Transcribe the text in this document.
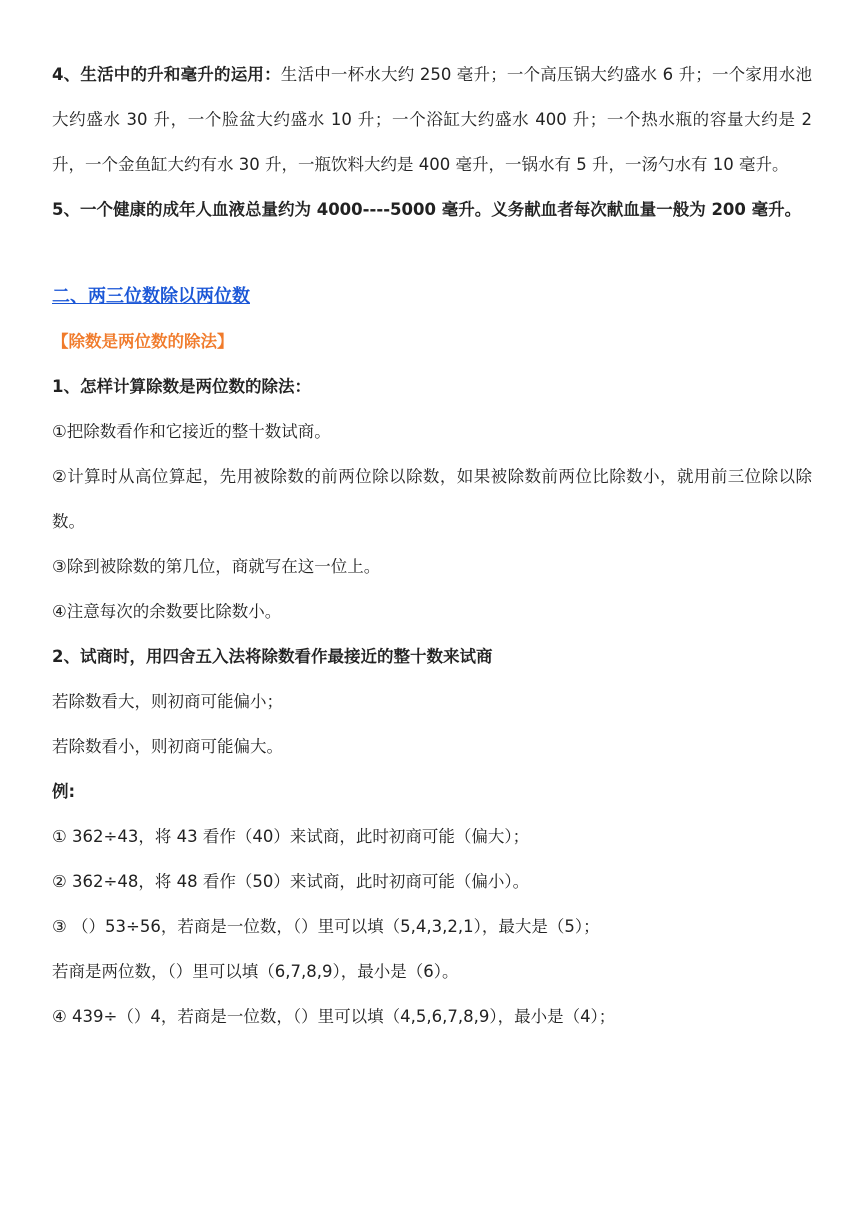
4、生活中的升和毫升的运用：生活中一杯水大约 250 毫升；一个高压锅大约盛水 6 升；一个家用水池大约盛水 30 升，一个脸盆大约盛水 10 升；一个浴缸大约盛水 400 升；一个热水瓶的容量大约是 2 升，一个金鱼缸大约有水 30 升，一瓶饮料大约是 400 毫升，一锅水有 5 升，一汤勺水有 10 毫升。

5、一个健康的成年人血液总量约为 4000----5000 毫升。义务献血者每次献血量一般为 200 毫升。

二、两三位数除以两位数

【除数是两位数的除法】

1、怎样计算除数是两位数的除法：

①把除数看作和它接近的整十数试商。

②计算时从高位算起，先用被除数的前两位除以除数，如果被除数前两位比除数小，就用前三位除以除数。

③除到被除数的第几位，商就写在这一位上。

④注意每次的余数要比除数小。

2、试商时，用四舍五入法将除数看作最接近的整十数来试商

若除数看大，则初商可能偏小；

若除数看小，则初商可能偏大。

例:

① 362÷43，将 43 看作（40）来试商，此时初商可能（偏大）；

② 362÷48，将 48 看作（50）来试商，此时初商可能（偏小）。

③ （）53÷56，若商是一位数，（）里可以填（5,4,3,2,1），最大是（5）；

若商是两位数，（）里可以填（6,7,8,9），最小是（6）。

④ 439÷（）4，若商是一位数，（）里可以填（4,5,6,7,8,9），最小是（4）；
